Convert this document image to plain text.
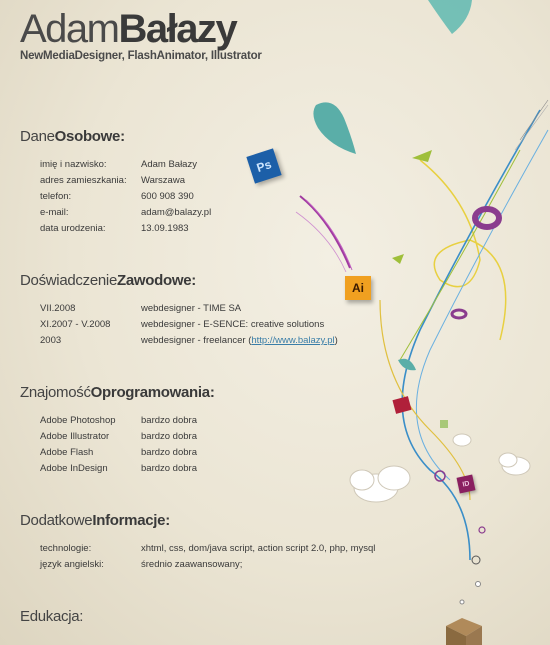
Ps
Ai
ID
AdamBałazy
NewMediaDesigner, FlashAnimator, Illustrator
DaneOsobowe:
imię i nazwisko:	Adam Bałazy
adres zamieszkania:	Warszawa
telefon:	600 908 390
e-mail:	adam@balazy.pl
data urodzenia:	13.09.1983
DoświadczenieZawodowe:
VII.2008	webdesigner - TIME SA
XI.2007 - V.2008	webdesigner - E-SENCE: creative solutions
2003	webdesigner - freelancer (http://www.balazy.pl)
ZnajomośćOprogramowania:
Adobe Photoshop	bardzo dobra
Adobe Illustrator	bardzo dobra
Adobe Flash	bardzo dobra
Adobe InDesign	bardzo dobra
DodatkoweInformacje:
technologie:	xhtml, css, dom/java script, action script 2.0, php, mysql
język angielski:	średnio zaawansowany;
Edukacja:
